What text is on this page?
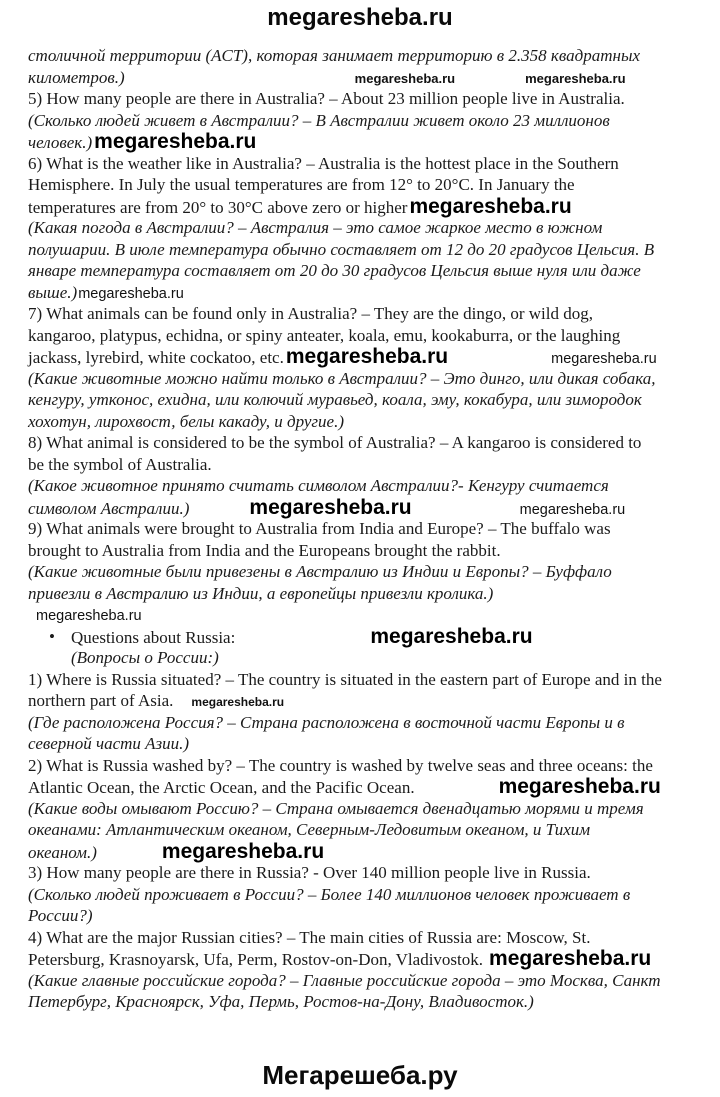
megaresheba.ru
столичной территории (ACT), которая занимает территорию в 2.358 квадратных
километров.)	megaresheba.ru	megaresheba.ru
5) How many people are there in Australia? – About 23 million people live in Australia.
(Сколько людей живет в Австралии? – В Австралии живет около 23 миллионов
человек.)megaresheba.ru
6) What is the weather like in Australia? – Australia is the hottest place in the Southern
Hemisphere. In July the usual temperatures are from 12° to 20°C. In January the
temperatures are from 20° to 30°C above zero or highermegaresheba.ru
(Какая погода в Австралии? – Австралия – это самое жаркое место в южном
полушарии. В июле температура обычно составляет от 12 до 20 градусов Цельсия. В
январе температура составляет от 20 до 30 градусов Цельсия выше нуля или даже
выше.)megaresheba.ru
7) What animals can be found only in Australia? – They are the dingo, or wild dog,
kangaroo, platypus, echidna, or spiny anteater, koala, emu, kookaburra, or the laughing
jackass, lyrebird, white cockatoo, etc.megaresheba.ru	megaresheba.ru
(Какие животные можно найти только в Австралии? – Это динго, или дикая собака,
кенгуру, утконос, ехидна, или колючий муравьед, коала, эму, кокабура, или зимородок
хохотун, лирохвост, белы какаду, и другие.)
8) What animal is considered to be the symbol of Australia? – A kangaroo is considered to
be the symbol of Australia.
(Какое животное принято считать символом Австралии?- Кенгуру считается
символом Австралии.)	megaresheba.ru	megaresheba.ru
9) What animals were brought to Australia from India and Europe? – The buffalo was
brought to Australia from India and the Europeans brought the rabbit.
(Какие животные были привезены в Австралию из Индии и Европы? – Буффало
привезли в Австралию из Индии, а европейцы привезли кролика.)
megaresheba.ru
• Questions about Russia:	megaresheba.ru
(Вопросы о России:)
1) Where is Russia situated? – The country is situated in the eastern part of Europe and in the
northern part of Asia. megaresheba.ru
(Где расположена Россия? – Страна расположена в восточной части Европы и в
северной части Азии.)
2) What is Russia washed by? – The country is washed by twelve seas and three oceans: the
Atlantic Ocean, the Arctic Ocean, and the Pacific Ocean.	megaresheba.ru
(Какие воды омывают Россию? – Страна омывается двенадцатью морями и тремя
океанами: Атлантическим океаном, Северным-Ледовитым океаном, и Тихим
океаном.)	megaresheba.ru
3) How many people are there in Russia? - Over 140 million people live in Russia.
(Сколько людей проживает в России? – Более 140 миллионов человек проживает в
России?)
4) What are the major Russian cities? – The main cities of Russia are: Moscow, St.
Petersburg, Krasnoyarsk, Ufa, Perm, Rostov-on-Don, Vladivostok. megaresheba.ru
(Какие главные российские города? – Главные российские города – это Москва, Санкт
Петербург, Красноярск, Уфа, Пермь, Ростов-на-Дону, Владивосток.)
Мегарешеба.ру
